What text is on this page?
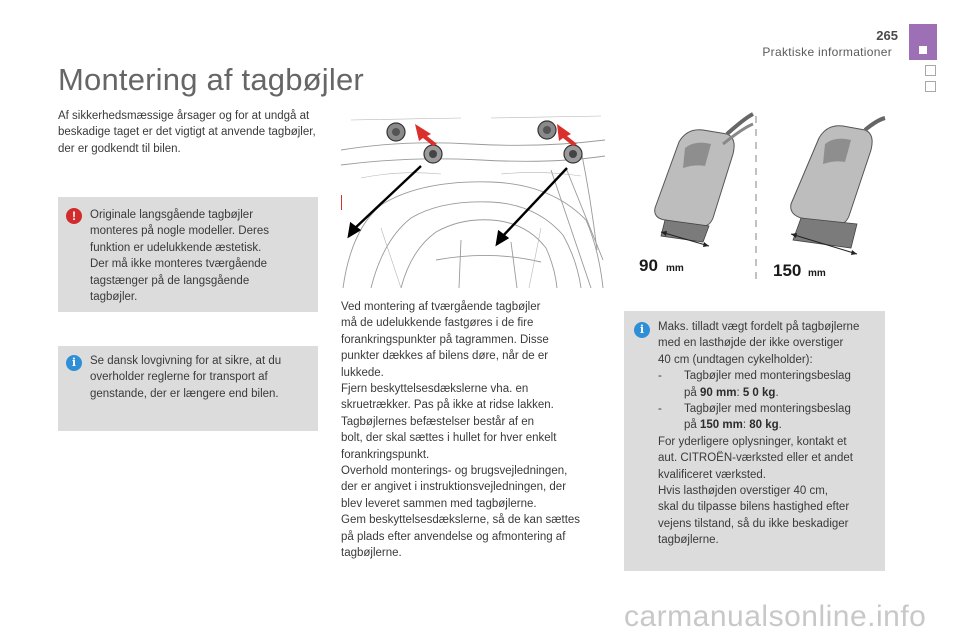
265
Praktiske informationer
Montering af tagbøjler
Af sikkerhedsmæssige årsager og for at undgå at beskadige taget er det vigtigt at anvende tagbøjler, der er godkendt til bilen.
!	Originale langsgående tagbøjler
monteres på nogle modeller. Deres
funktion er udelukkende æstetisk.
Der må ikke monteres tværgående
tagstænger på de langsgående
tagbøjler.
i	Se dansk lovgivning for at sikre, at du
overholder reglerne for transport af
genstande, der er længere end bilen.
90 mm	150 mm
Ved montering af tværgående tagbøjler
må de udelukkende fastgøres i de fire
forankringspunkter på tagrammen. Disse
punkter dækkes af bilens døre, når de er
lukkede.
Fjern beskyttelsesdækslerne vha. en
skruetrækker. Pas på ikke at ridse lakken.
Tagbøjlernes befæstelser består af en
bolt, der skal sættes i hullet for hver enkelt
forankringspunkt.
Overhold monterings- og brugsvejledningen,
der er angivet i instruktionsvejledningen, der
blev leveret sammen med tagbøjlerne.
Gem beskyttelsesdækslerne, så de kan sættes
på plads efter anvendelse og afmontering af
tagbøjlerne.
i	Maks. tilladt vægt fordelt på tagbøjlerne
med en lasthøjde der ikke overstiger
40 cm (undtagen cykelholder):
- Tagbøjler med monteringsbeslag
på 90 mm: 5 0 kg.
- Tagbøjler med monteringsbeslag
på 150 mm: 80 kg.
For yderligere oplysninger, kontakt et
aut. CITROËN-værksted eller et andet
kvalificeret værksted.
Hvis lasthøjden overstiger 40 cm,
skal du tilpasse bilens hastighed efter
vejens tilstand, så du ikke beskadiger
tagbøjlerne.
carmanualsonline.info
